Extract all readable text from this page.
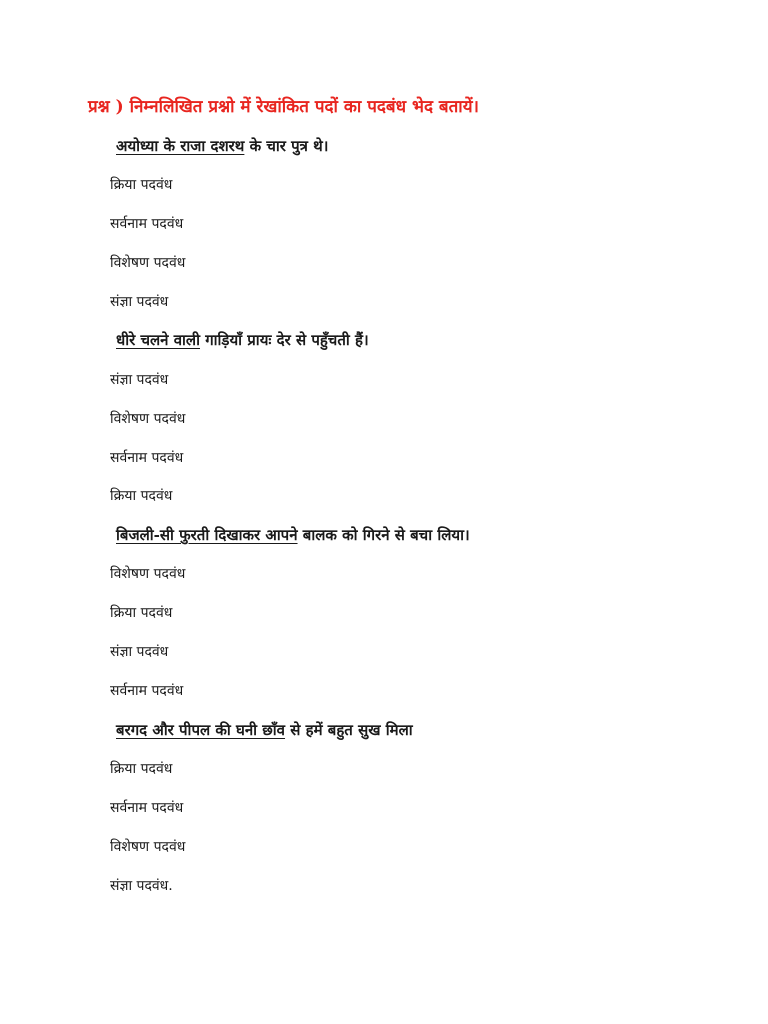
प्रश्न ) निम्नलिखित प्रश्नो में रेखांकित पदों का पदबंध भेद बतायें।
अयोध्या के राजा दशरथ के चार पुत्र थे।
क्रिया पदवंध
सर्वनाम पदवंध
विशेषण पदवंध
संज्ञा पदवंध
धीरे चलने वाली गाड़ियाँ प्रायः देर से पहुँचती हैं।
संज्ञा पदवंध
विशेषण पदवंध
सर्वनाम पदवंध
क्रिया पदवंध
बिजली-सी फुरती दिखाकर आपने बालक को गिरने से बचा लिया।
विशेषण पदवंध
क्रिया पदवंध
संज्ञा पदवंध
सर्वनाम पदवंध
बरगद और पीपल की घनी छाँव से हमें बहुत सुख मिला
क्रिया पदवंध
सर्वनाम पदवंध
विशेषण पदवंध
संज्ञा पदवंध.
